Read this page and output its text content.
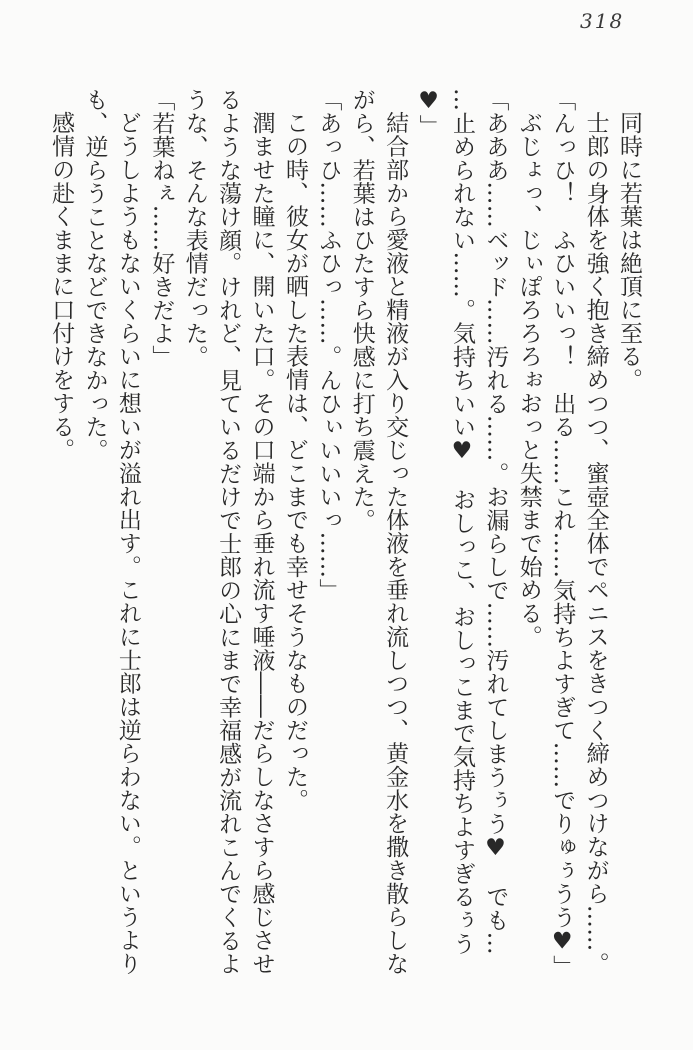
318

同時に若葉は絶頂に至る。

士郎の身体を強く抱き締めつつ、蜜壺全体でペニスをきつく締めつけながら……。

「んっひ！　ふひいいっ！　出る……これ……気持ちよすぎて……でりゅぅうう♥」

ぶじょっ、じぃぽろろろぉおっと失禁まで始める。

「あああ……ベッド……汚れる……。お漏らしで……汚れてしまうぅう♥　でも……止められない……。気持ちいい♥　おしっこ、おしっこまで気持ちよすぎるぅう♥」

結合部から愛液と精液が入り交じった体液を垂れ流しつつ、黄金水を撒き散らしながら、若葉はひたすら快感に打ち震えた。

「あっひ……ふひっ……。んひぃいいいっ……」

この時、彼女が晒した表情は、どこまでも幸せそうなものだった。

潤ませた瞳に、開いた口。その口端から垂れ流す唾液――だらしなさすら感じさせるような蕩け顔。けれど、見ているだけで士郎の心にまで幸福感が流れこんでくるような、そんな表情だった。

「若葉ねぇ……好きだよ」

どうしようもないくらいに想いが溢れ出す。これに士郎は逆らわない。というよりも、逆らうことなどできなかった。

感情の赴くままに口付けをする。
